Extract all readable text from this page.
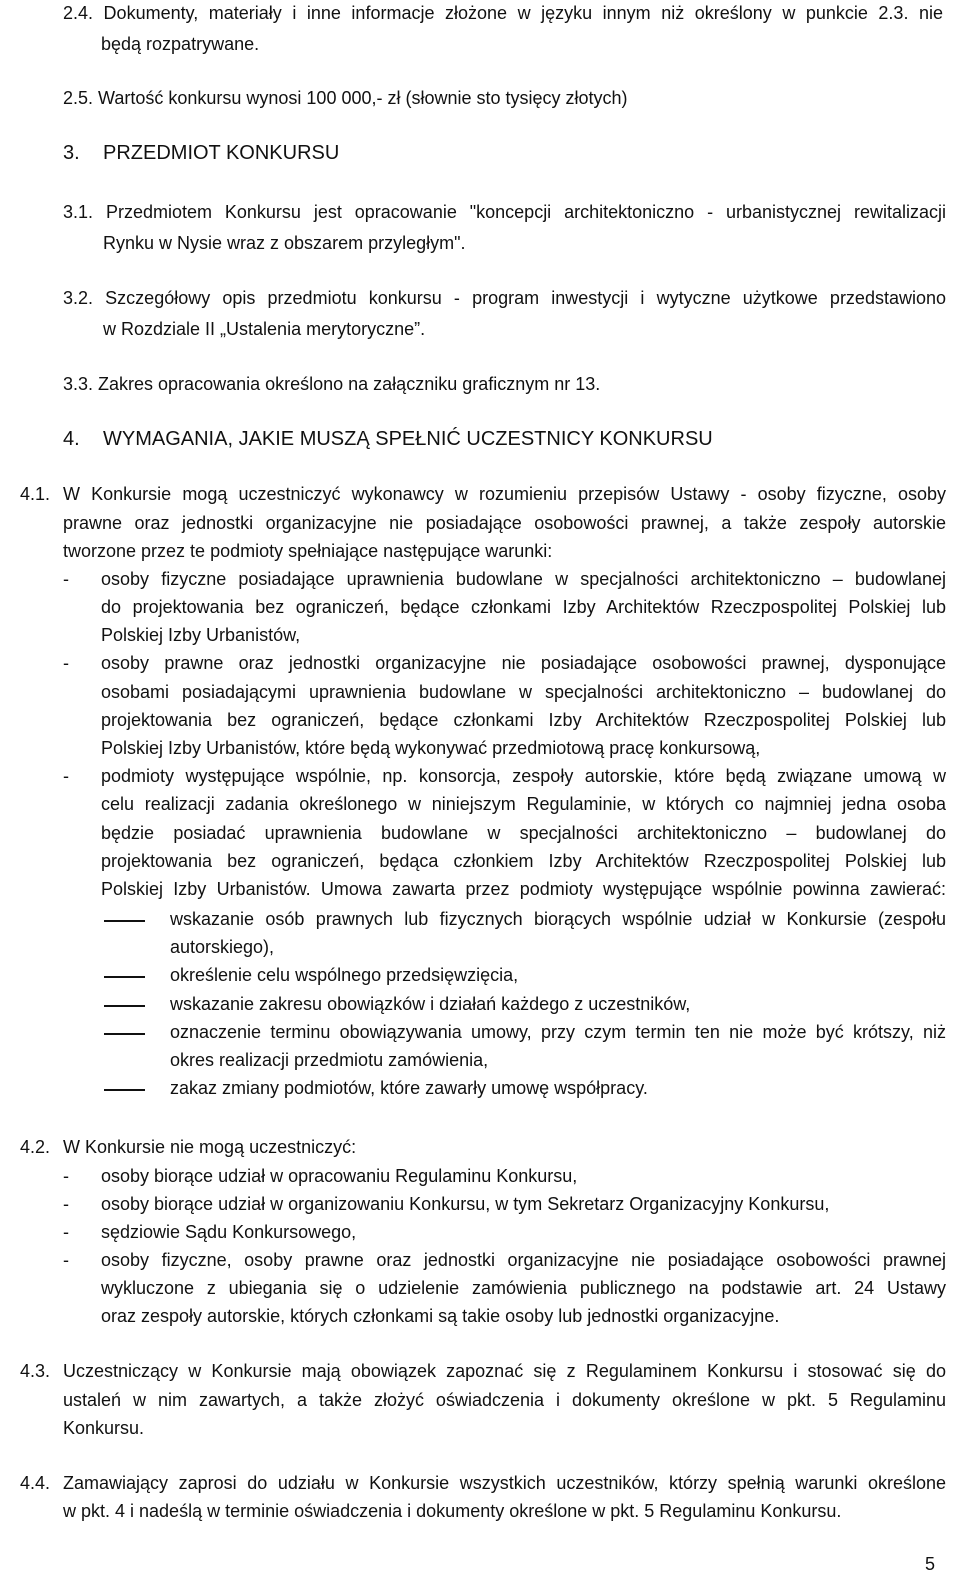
2.4. Dokumenty, materiały i inne informacje złożone w języku innym niż określony w punkcie 2.3. nie
będą rozpatrywane.
2.5. Wartość konkursu wynosi 100 000,- zł (słownie sto tysięcy złotych)
3. PRZEDMIOT KONKURSU
3.1. Przedmiotem Konkursu jest opracowanie "koncepcji architektoniczno - urbanistycznej rewitalizacji
Rynku w Nysie wraz z obszarem przyległym".
3.2. Szczegółowy opis przedmiotu konkursu - program inwestycji i wytyczne użytkowe przedstawiono
w Rozdziale II „Ustalenia merytoryczne”.
3.3. Zakres opracowania określono na załączniku graficznym nr 13.
4. WYMAGANIA, JAKIE MUSZĄ SPEŁNIĆ UCZESTNICY KONKURSU
4.1. W Konkursie mogą uczestniczyć wykonawcy w rozumieniu przepisów Ustawy - osoby fizyczne, osoby
prawne oraz jednostki organizacyjne nie posiadające osobowości prawnej, a także zespoły autorskie
tworzone przez te podmioty spełniające następujące warunki:
- osoby fizyczne posiadające uprawnienia budowlane w specjalności architektoniczno – budowlanej
do projektowania bez ograniczeń, będące członkami Izby Architektów Rzeczpospolitej Polskiej lub
Polskiej Izby Urbanistów,
- osoby prawne oraz jednostki organizacyjne nie posiadające osobowości prawnej, dysponujące
osobami posiadającymi uprawnienia budowlane w specjalności architektoniczno – budowlanej do
projektowania bez ograniczeń, będące członkami Izby Architektów Rzeczpospolitej Polskiej lub
Polskiej Izby Urbanistów, które będą wykonywać przedmiotową pracę konkursową,
- podmioty występujące wspólnie, np. konsorcja, zespoły autorskie, które będą związane umową w
celu realizacji zadania określonego w niniejszym Regulaminie, w których co najmniej jedna osoba
będzie posiadać uprawnienia budowlane w specjalności architektoniczno – budowlanej do
projektowania bez ograniczeń, będąca członkiem Izby Architektów Rzeczpospolitej Polskiej lub
Polskiej Izby Urbanistów. Umowa zawarta przez podmioty występujące wspólnie powinna zawierać:
wskazanie osób prawnych lub fizycznych biorących wspólnie udział w Konkursie (zespołu
autorskiego),
określenie celu wspólnego przedsięwzięcia,
wskazanie zakresu obowiązków i działań każdego z uczestników,
oznaczenie terminu obowiązywania umowy, przy czym termin ten nie może być krótszy, niż
okres realizacji przedmiotu zamówienia,
zakaz zmiany podmiotów, które zawarły umowę współpracy.
4.2. W Konkursie nie mogą uczestniczyć:
- osoby biorące udział w opracowaniu Regulaminu Konkursu,
- osoby biorące udział w organizowaniu Konkursu, w tym Sekretarz Organizacyjny Konkursu,
- sędziowie Sądu Konkursowego,
- osoby fizyczne, osoby prawne oraz jednostki organizacyjne nie posiadające osobowości prawnej
wykluczone z ubiegania się o udzielenie zamówienia publicznego na podstawie art. 24 Ustawy
oraz zespoły autorskie, których członkami są takie osoby lub jednostki organizacyjne.
4.3. Uczestniczący w Konkursie mają obowiązek zapoznać się z Regulaminem Konkursu i stosować się do
ustaleń w nim zawartych, a także złożyć oświadczenia i dokumenty określone w pkt. 5 Regulaminu
Konkursu.
4.4. Zamawiający zaprosi do udziału w Konkursie wszystkich uczestników, którzy spełnią warunki określone
w pkt. 4 i nadeślą w terminie oświadczenia i dokumenty określone w pkt. 5 Regulaminu Konkursu.
5
